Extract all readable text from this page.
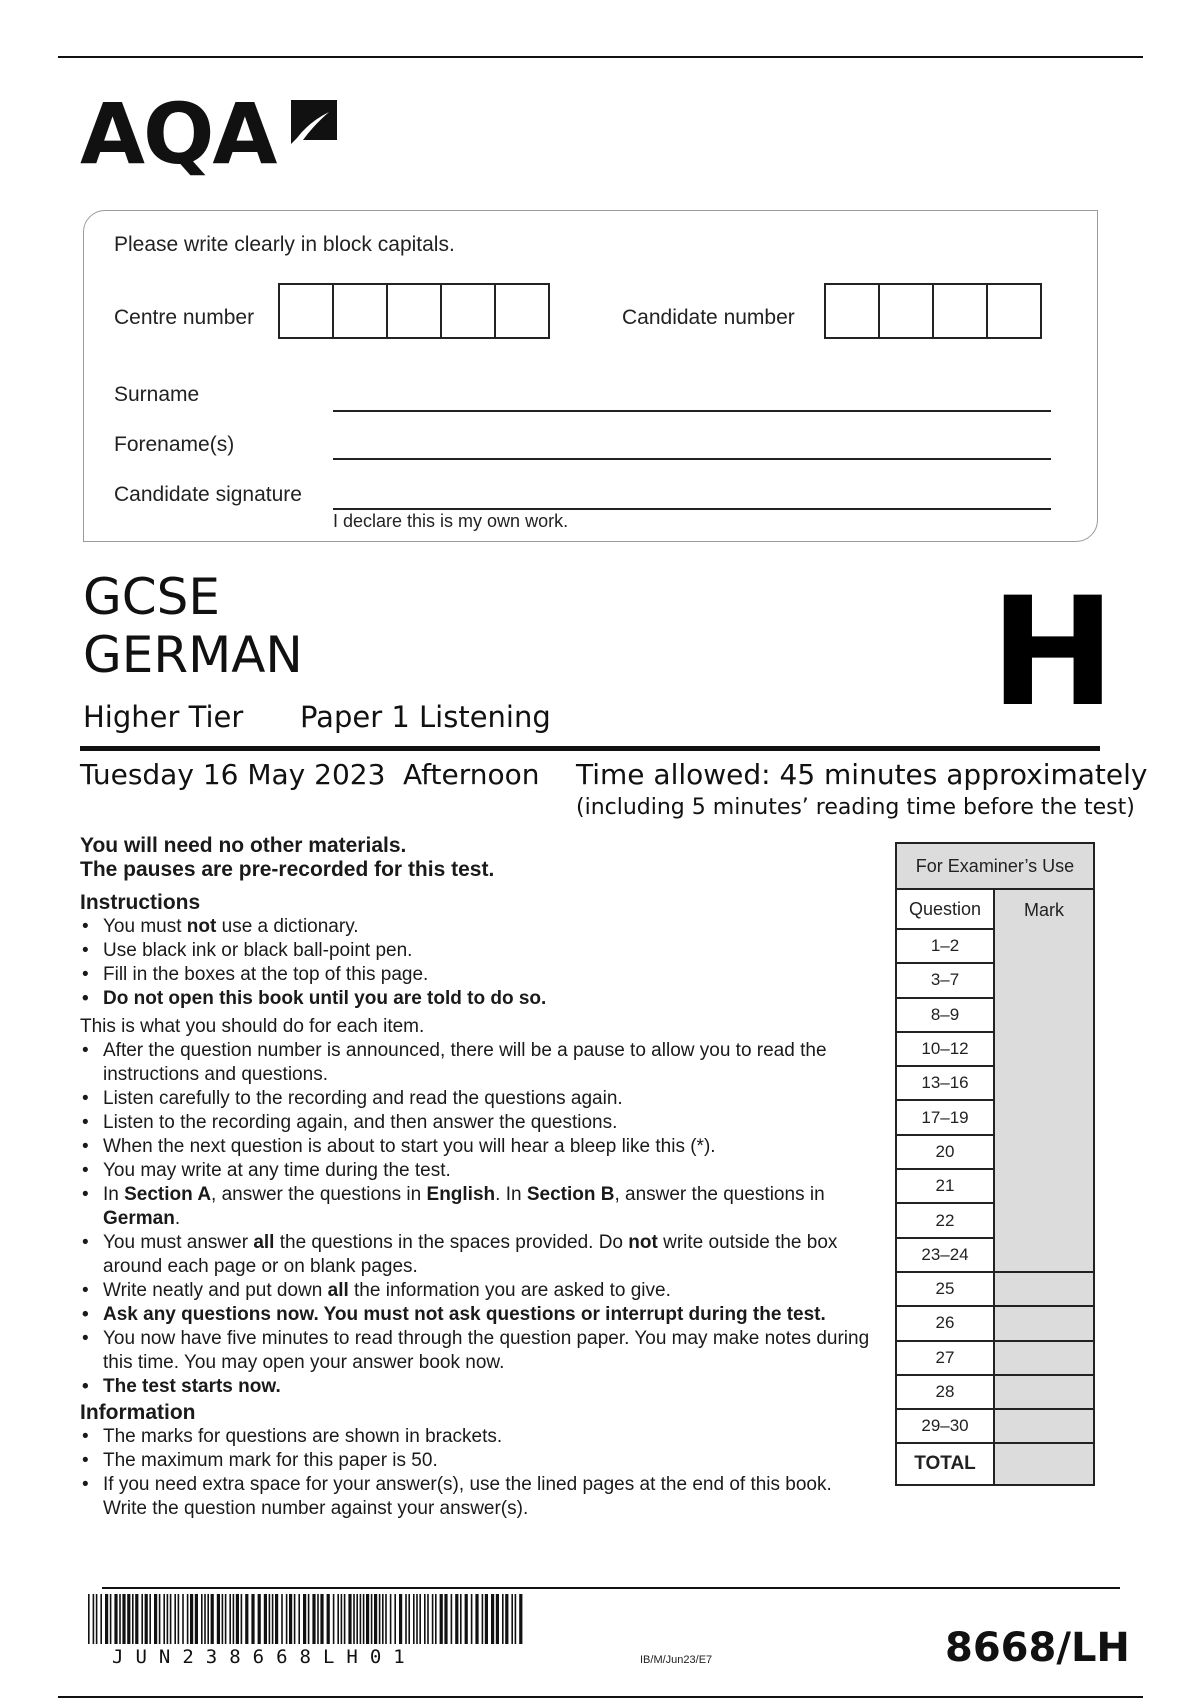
AQA
Please write clearly in block capitals.
Centre number	Candidate number
Surname
Forename(s)
Candidate signature
I declare this is my own work.
GCSE
GERMAN
Higher Tier Paper 1 Listening	H
Tuesday 16 May 2023 Afternoon Time allowed: 45 minutes approximately
(including 5 minutes’ reading time before the test)

You will need no other materials.

The pauses are pre-recorded for this test.

Instructions

• You must not use a dictionary.
• Use black ink or black ball-point pen.
• Fill in the boxes at the top of this page.
• Do not open this book until you are told to do so.

This is what you should do for each item.

• After the question number is announced, there will be a pause to allow you to read the instructions and questions.
• Listen carefully to the recording and read the questions again.
• Listen to the recording again, and then answer the questions.
• When the next question is about to start you will hear a bleep like this (*).
• You may write at any time during the test.
• In Section A, answer the questions in English. In Section B, answer the questions in German.
• You must answer all the questions in the spaces provided. Do not write outside the box around each page or on blank pages.
• Write neatly and put down all the information you are asked to give.
• Ask any questions now. You must not ask questions or interrupt during the test.
• You now have five minutes to read through the question paper. You may make notes during this time. You may open your answer book now.
• The test starts now.

Information

• The marks for questions are shown in brackets.
• The maximum mark for this paper is 50.
• If you need extra space for your answer(s), use the lined pages at the end of this book. Write the question number against your answer(s).
For Examiner’s Use
Question	Mark
1–2
3–7
8–9
10–12
13–16
17–19
20
21
22
23–24
25
26
27
28
29–30
TOTAL
JUN238668LH01	IB/M/Jun23/E7	8668/LH
